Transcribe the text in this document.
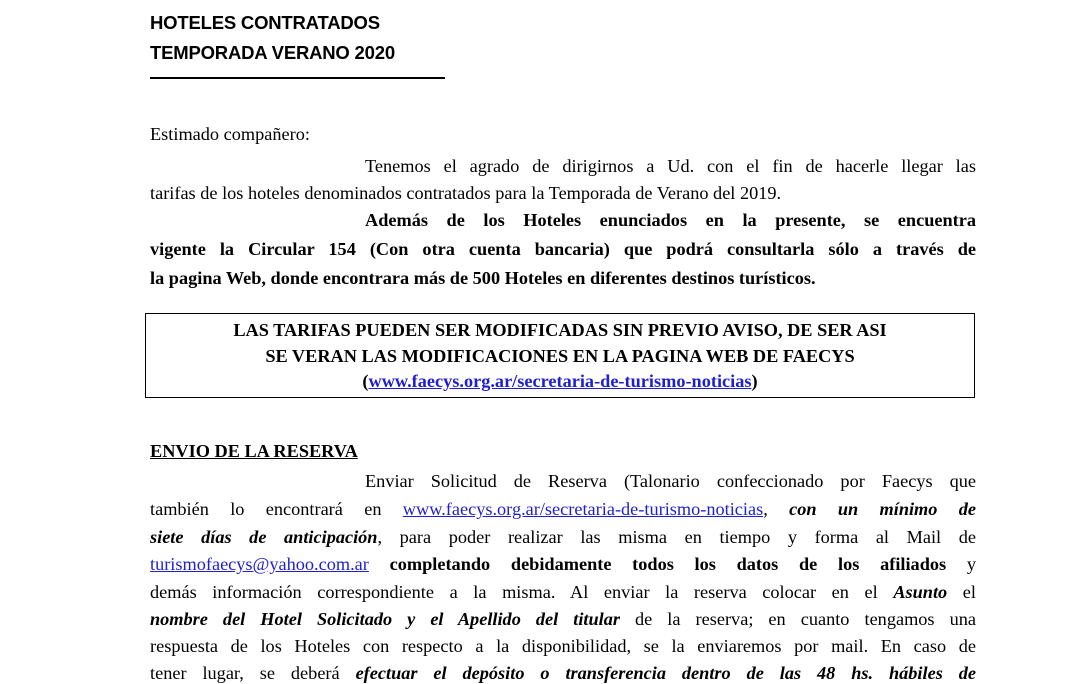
HOTELES CONTRATADOS
TEMPORADA VERANO 2020
Estimado compañero:
Tenemos el agrado de dirigirnos a Ud. con el fin de hacerle llegar las
tarifas de los hoteles denominados contratados para la Temporada de Verano del 2019.
Además de los Hoteles enunciados en la presente, se encuentra
vigente la Circular 154 (Con otra cuenta bancaria) que podrá consultarla sólo a través de
la pagina Web, donde encontrara más de 500 Hoteles en diferentes destinos turísticos.
LAS TARIFAS PUEDEN SER MODIFICADAS SIN PREVIO AVISO, DE SER ASI
SE VERAN LAS MODIFICACIONES EN LA PAGINA WEB DE FAECYS
(www.faecys.org.ar/secretaria-de-turismo-noticias)
ENVIO DE LA RESERVA
Enviar Solicitud de Reserva (Talonario confeccionado por Faecys que
también lo encontrará en www.faecys.org.ar/secretaria-de-turismo-noticias, con un mínimo de
siete días de anticipación, para poder realizar las misma en tiempo y forma al Mail de
turismofaecys@yahoo.com.ar completando debidamente todos los datos de los afiliados y
demás información correspondiente a la misma. Al enviar la reserva colocar en el Asunto el
nombre del Hotel Solicitado y el Apellido del titular de la reserva; en cuanto tengamos una
respuesta de los Hoteles con respecto a la disponibilidad, se la enviaremos por mail. En caso de
tener lugar, se deberá efectuar el depósito o transferencia dentro de las 48 hs. hábiles de
